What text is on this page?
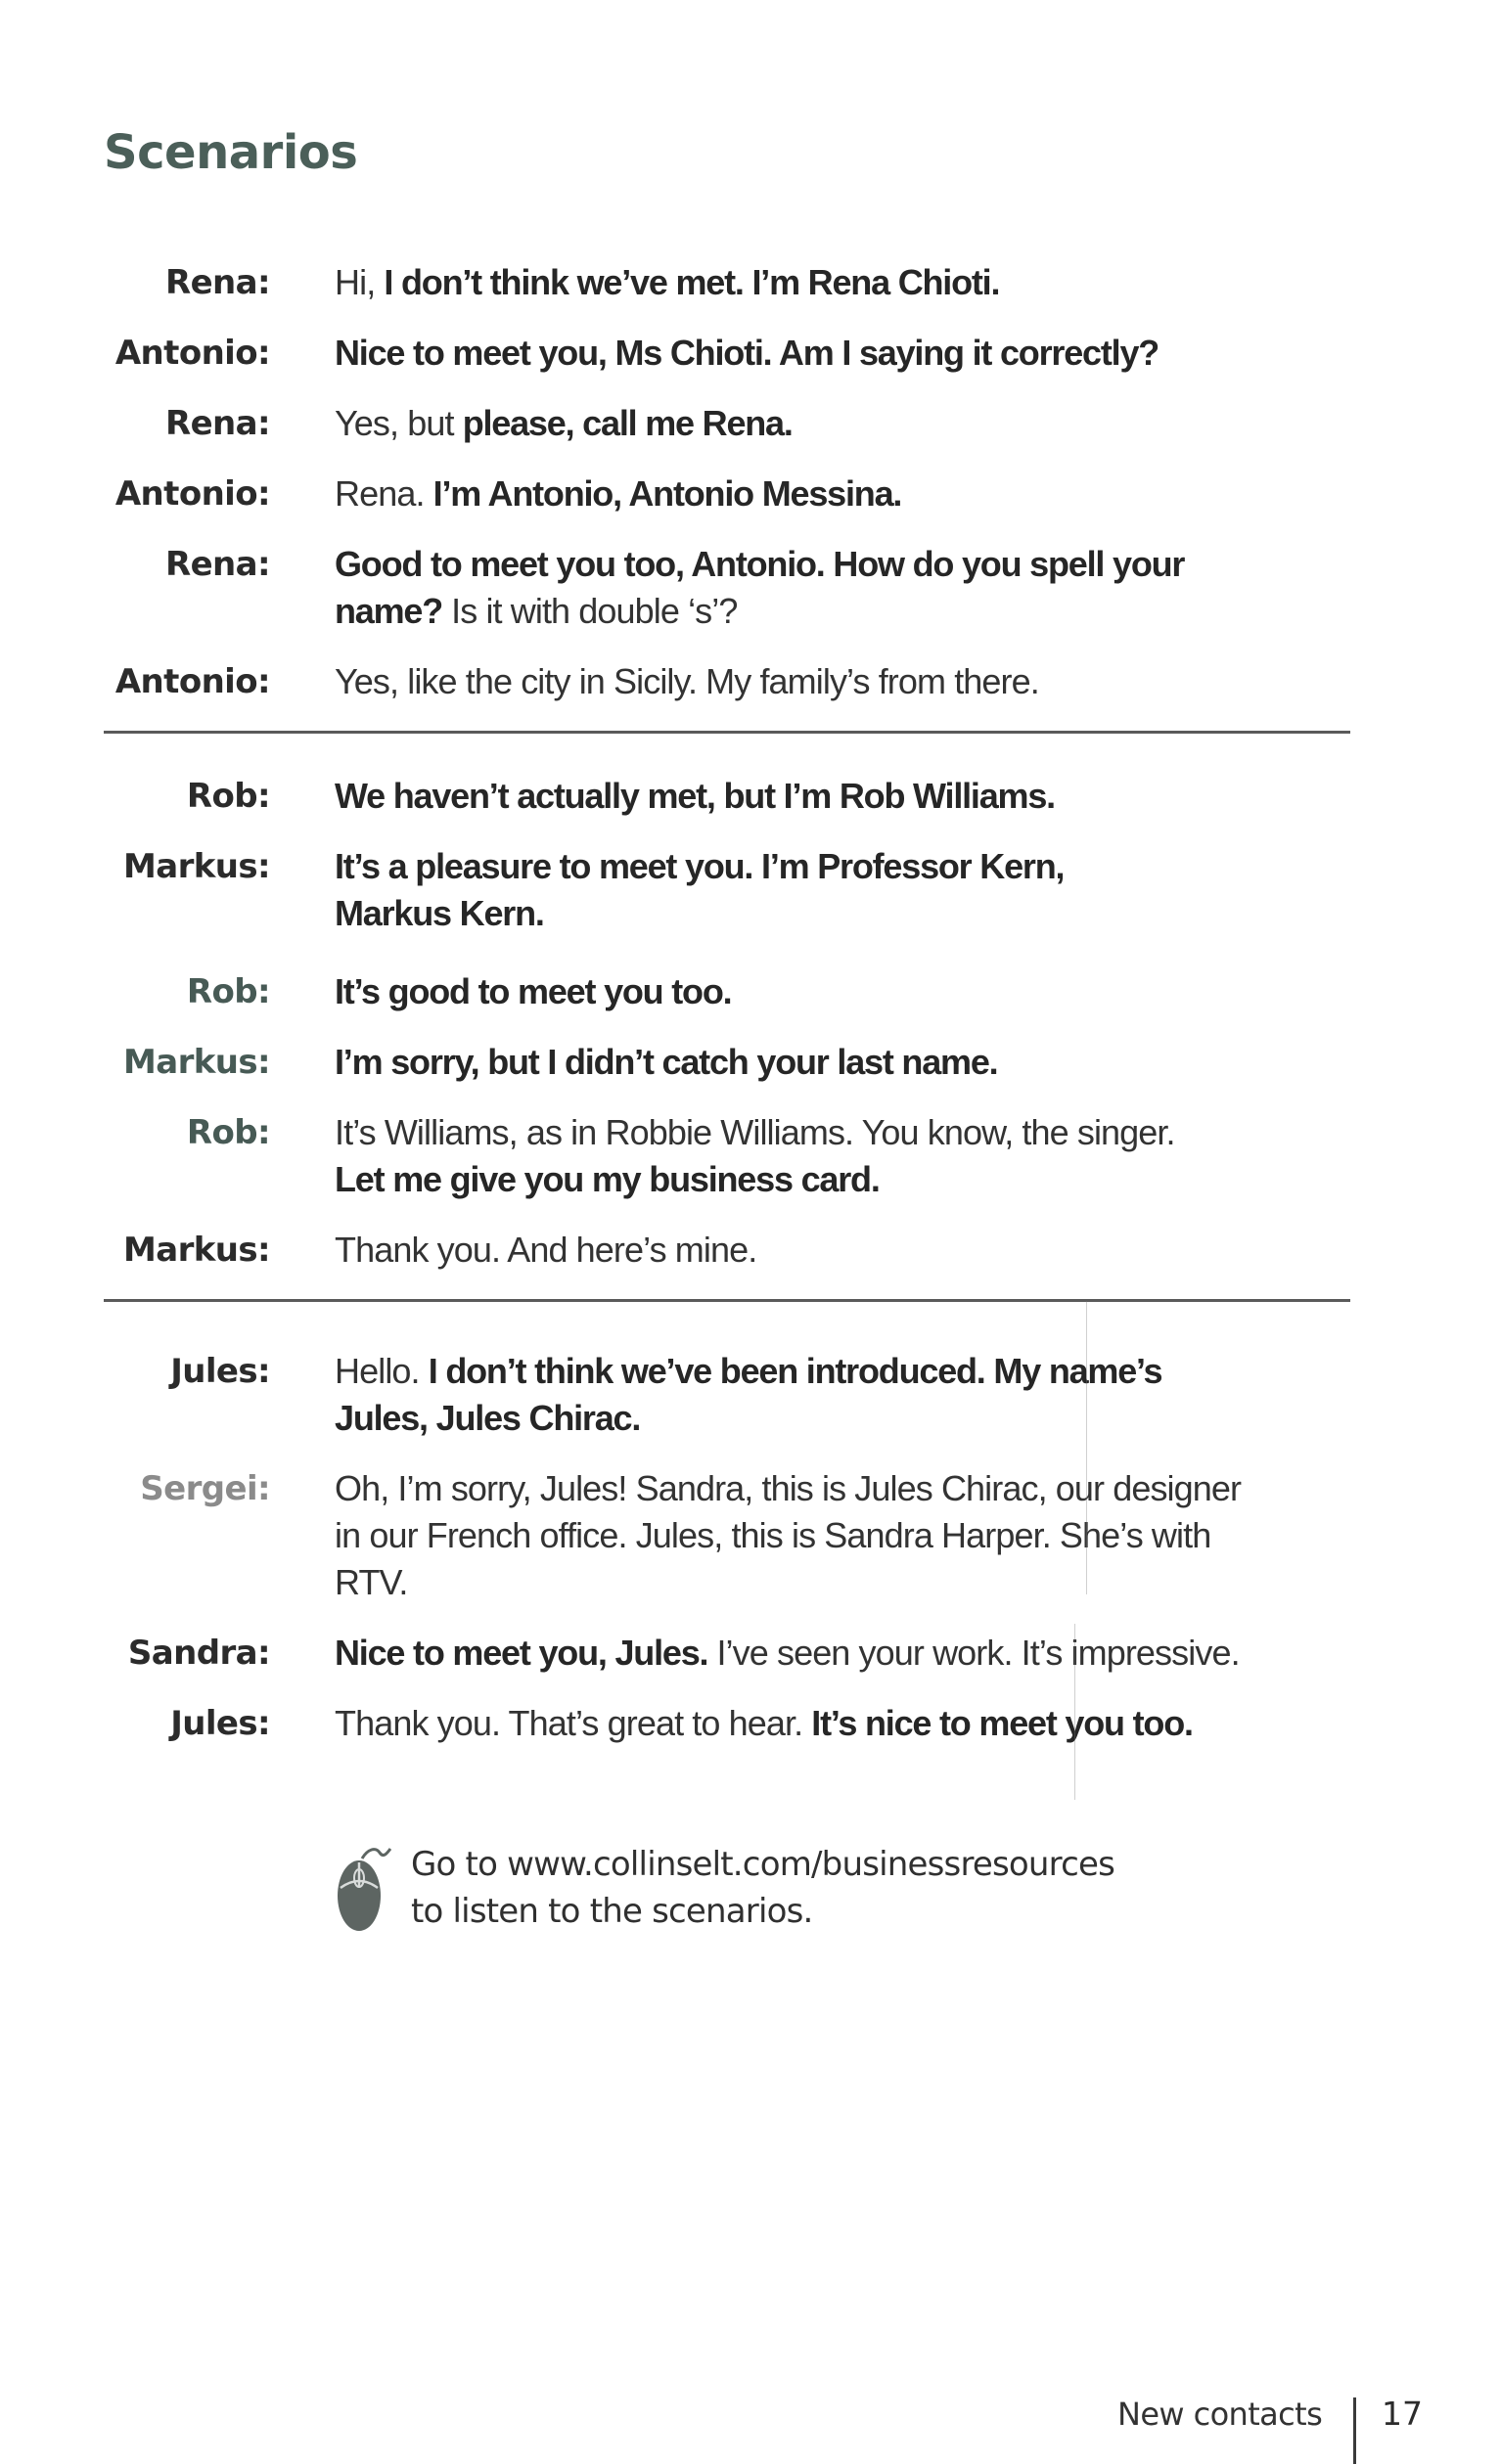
Scenarios
Rena: Hi, I don’t think we’ve met. I’m Rena Chioti.
Antonio: Nice to meet you, Ms Chioti. Am I saying it correctly?
Rena: Yes, but please, call me Rena.
Antonio: Rena. I’m Antonio, Antonio Messina.
Rena: Good to meet you too, Antonio. How do you spell your
name? Is it with double ‘s’?
Antonio: Yes, like the city in Sicily. My family’s from there.
Rob: We haven’t actually met, but I’m Rob Williams.
Markus: It’s a pleasure to meet you. I’m Professor Kern,
Markus Kern.
Rob: It’s good to meet you too.
Markus: I’m sorry, but I didn’t catch your last name.
Rob: It’s Williams, as in Robbie Williams. You know, the singer.
Let me give you my business card.
Markus: Thank you. And here’s mine.
Jules: Hello. I don’t think we’ve been introduced. My name’s
Jules, Jules Chirac.
Sergei: Oh, I’m sorry, Jules! Sandra, this is Jules Chirac, our designer
in our French office. Jules, this is Sandra Harper. She’s with
RTV.
Sandra: Nice to meet you, Jules. I’ve seen your work. It’s impressive.
Jules: Thank you. That’s great to hear. It’s nice to meet you too.
Go to www.collinselt.com/businessresources
to listen to the scenarios.
New contacts 17
